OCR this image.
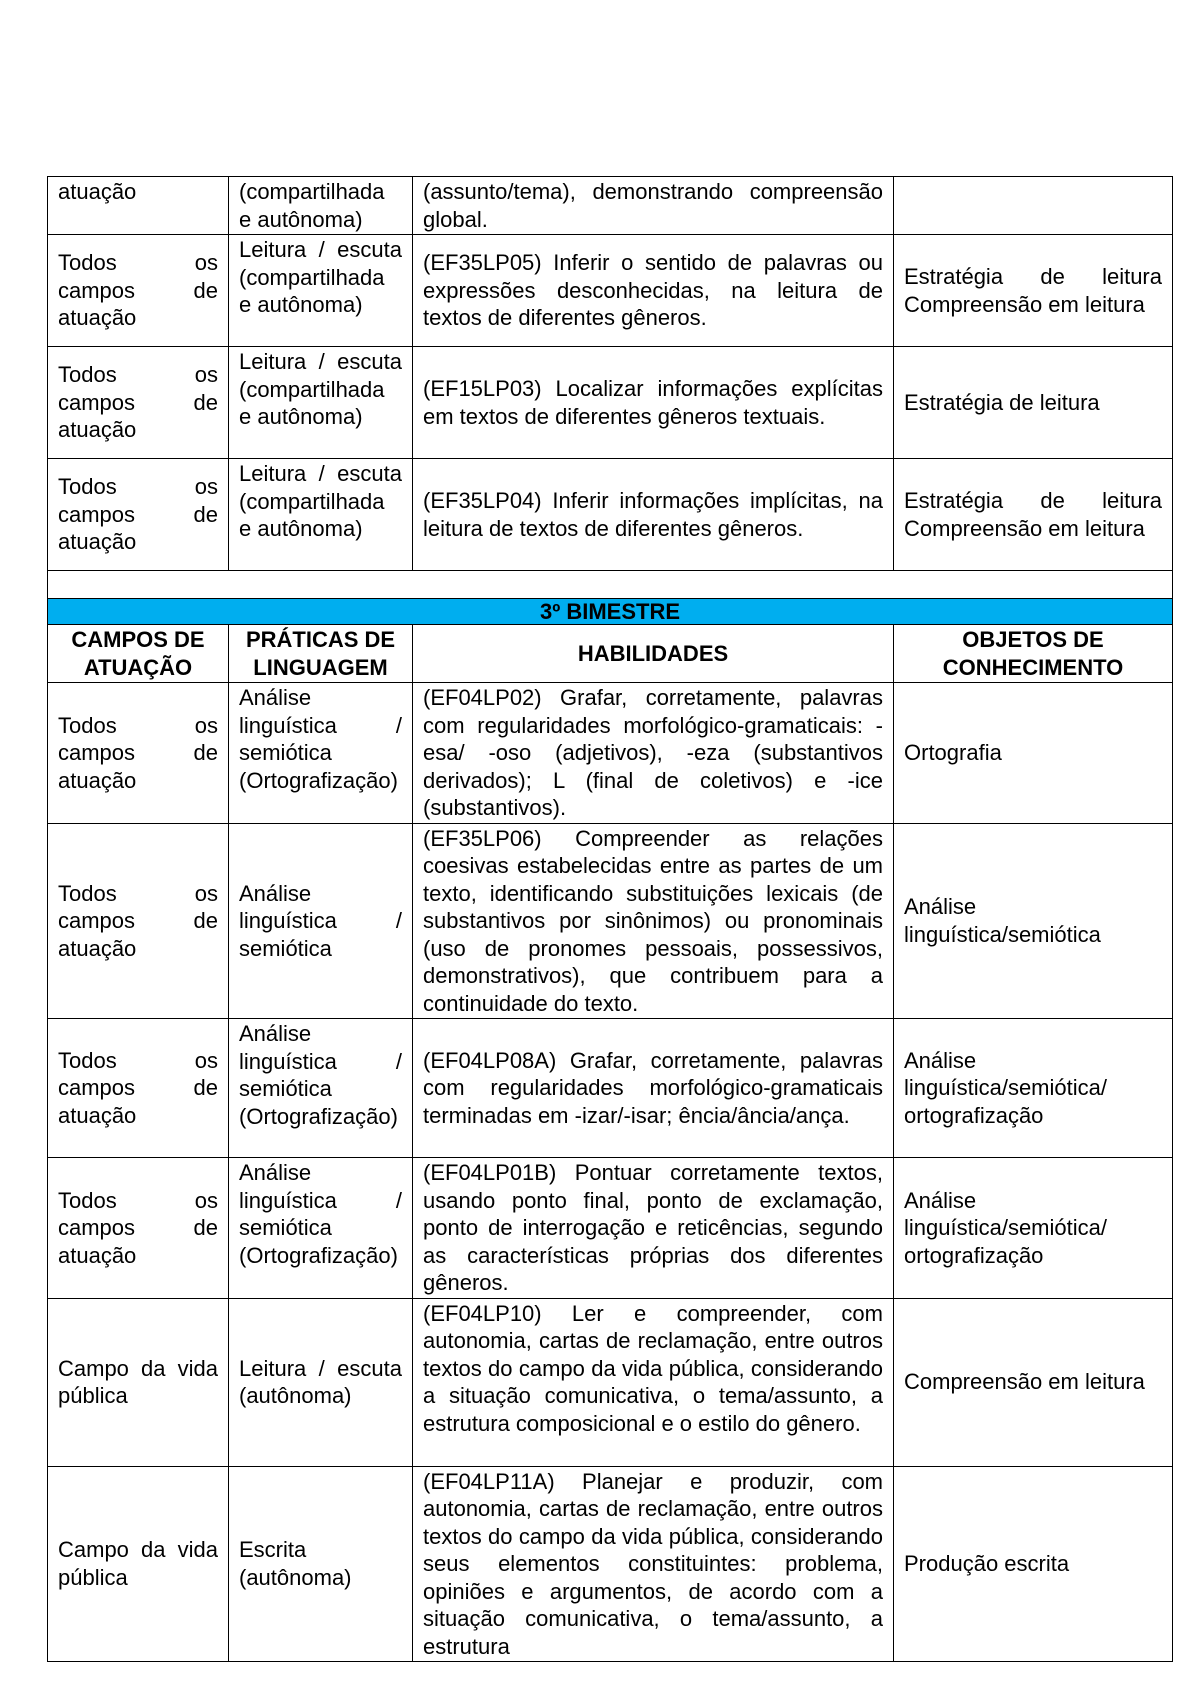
atuação	(compartilhada e autônoma)	(assunto/tema), demonstrando compreensão global.	
Todos os campos de atuação	Leitura / escuta (compartilhada e autônoma)	(EF35LP05) Inferir o sentido de palavras ou expressões desconhecidas, na leitura de textos de diferentes gêneros.	Estratégia de leitura Compreensão em leitura
Todos os campos de atuação	Leitura / escuta (compartilhada e autônoma)	(EF15LP03) Localizar informações explícitas em textos de diferentes gêneros textuais.	Estratégia de leitura
Todos os campos de atuação	Leitura / escuta (compartilhada e autônoma)	(EF35LP04) Inferir informações implícitas, na leitura de textos de diferentes gêneros.	Estratégia de leitura Compreensão em leitura

3º BIMESTRE			
CAMPOS DE ATUAÇÃO	PRÁTICAS DE LINGUAGEM	HABILIDADES	OBJETOS DE CONHECIMENTO
Todos os campos de atuação	Análise linguística / semiótica (Ortografização)	(EF04LP02) Grafar, corretamente, palavras com regularidades morfológico-gramaticais: -esa/ -oso (adjetivos), -eza (substantivos derivados); L (final de coletivos) e -ice (substantivos).	Ortografia
Todos os campos de atuação	Análise linguística / semiótica	(EF35LP06) Compreender as relações coesivas estabelecidas entre as partes de um texto, identificando substituições lexicais (de substantivos por sinônimos) ou pronominais (uso de pronomes pessoais, possessivos, demonstrativos), que contribuem para a continuidade do texto.	Análise linguística/semiótica
Todos os campos de atuação	Análise linguística / semiótica (Ortografização)	(EF04LP08A) Grafar, corretamente, palavras com regularidades morfológico-gramaticais terminadas em -izar/-isar; ência/ância/ança.	Análise linguística/semiótica/ ortografização
Todos os campos de atuação	Análise linguística / semiótica (Ortografização)	(EF04LP01B) Pontuar corretamente textos, usando ponto final, ponto de exclamação, ponto de interrogação e reticências, segundo as características próprias dos diferentes gêneros.	Análise linguística/semiótica/ ortografização
Campo da vida pública	Leitura / escuta (autônoma)	(EF04LP10) Ler e compreender, com autonomia, cartas de reclamação, entre outros textos do campo da vida pública, considerando a situação comunicativa, o tema/assunto, a estrutura composicional e o estilo do gênero.	Compreensão em leitura
Campo da vida pública	Escrita (autônoma)	(EF04LP11A) Planejar e produzir, com autonomia, cartas de reclamação, entre outros textos do campo da vida pública, considerando seus elementos constituintes: problema, opiniões e argumentos, de acordo com a situação comunicativa, o tema/assunto, a estrutura	Produção escrita
